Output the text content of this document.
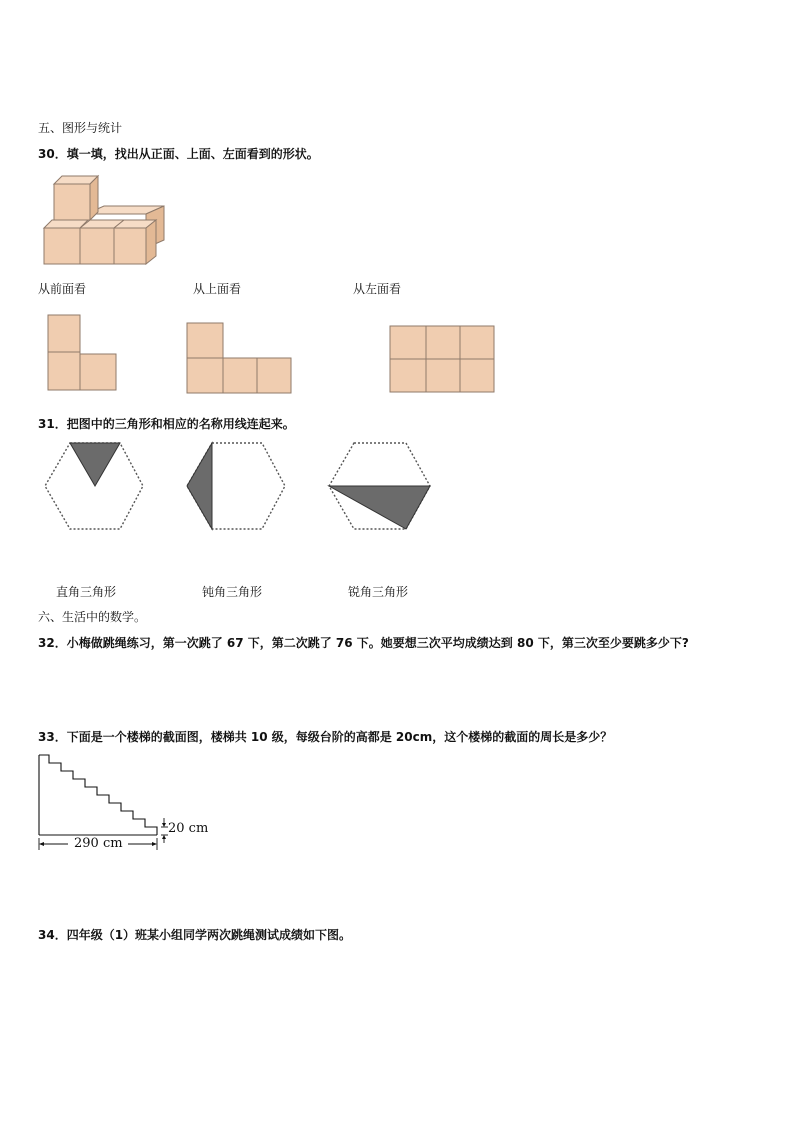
五、图形与统计
30．填一填，找出从正面、上面、左面看到的形状。
从前面看	从上面看	从左面看
31．把图中的三角形和相应的名称用线连起来。
直角三角形	钝角三角形	锐角三角形
六、生活中的数学。
32．小梅做跳绳练习，第一次跳了 67 下，第二次跳了 76 下。她要想三次平均成绩达到 80 下，第三次至少要跳多少下?
33．下面是一个楼梯的截面图，楼梯共 10 级，每级台阶的高都是 20cm，这个楼梯的截面的周长是多少？
20 cm
290 cm
34．四年级（1）班某小组同学两次跳绳测试成绩如下图。
